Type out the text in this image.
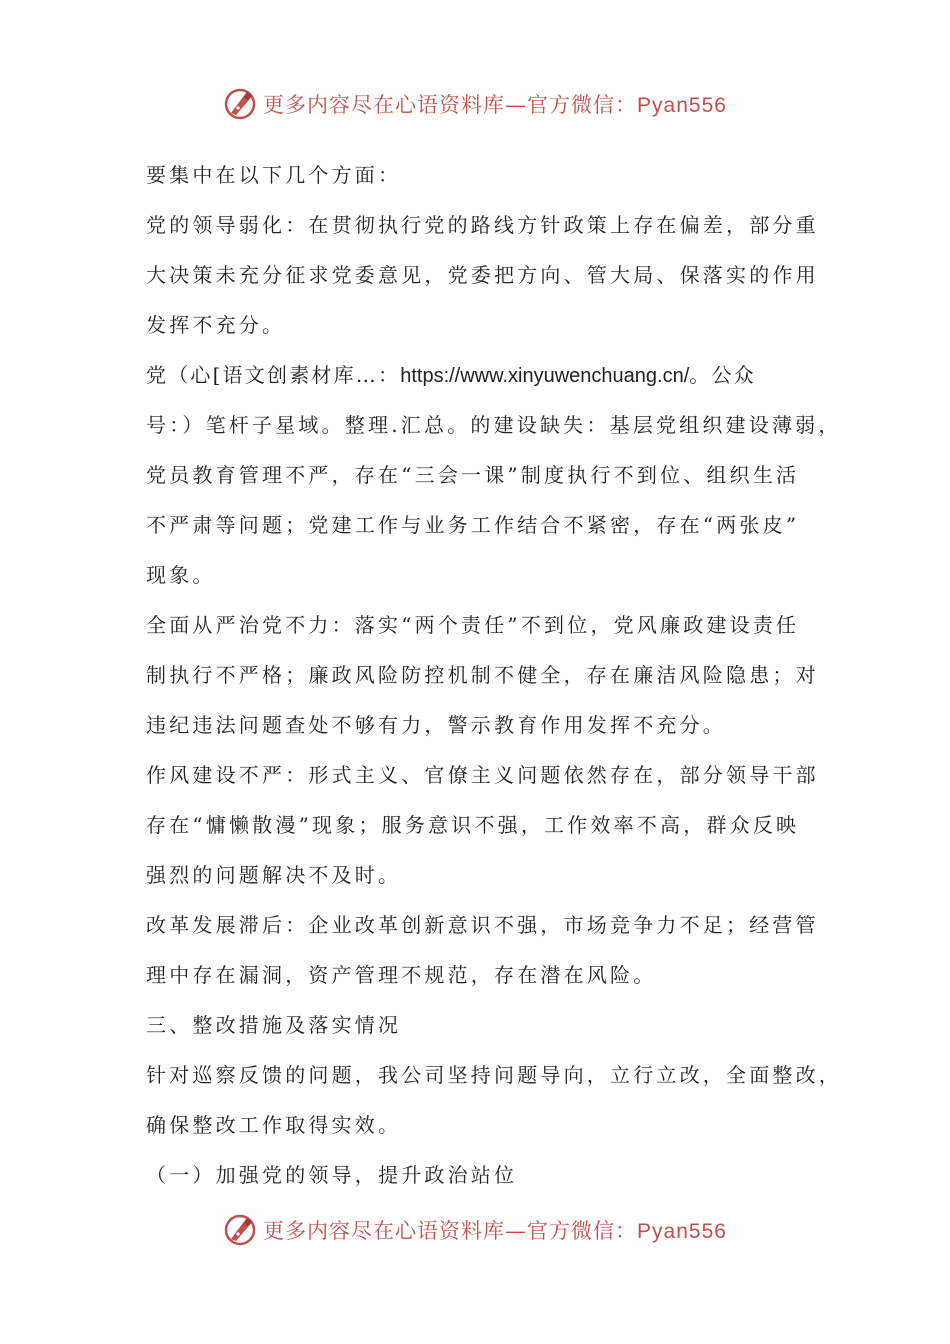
更多内容尽在心语资料库—官方微信：Pyan556
要集中在以下几个方面：
党的领导弱化：在贯彻执行党的路线方针政策上存在偏差，部分重
大决策未充分征求党委意见，党委把方向、管大局、保落实的作用
发挥不充分。
党（心[语文创素材库…：https://www.xinyuwenchuang.cn/。公众
号：）笔杆子星域。整理.汇总。的建设缺失：基层党组织建设薄弱，
党员教育管理不严，存在“三会一课”制度执行不到位、组织生活
不严肃等问题；党建工作与业务工作结合不紧密，存在“两张皮”
现象。
全面从严治党不力：落实“两个责任”不到位，党风廉政建设责任
制执行不严格；廉政风险防控机制不健全，存在廉洁风险隐患；对
违纪违法问题查处不够有力，警示教育作用发挥不充分。
作风建设不严：形式主义、官僚主义问题依然存在，部分领导干部
存在“慵懒散漫”现象；服务意识不强，工作效率不高，群众反映
强烈的问题解决不及时。
改革发展滞后：企业改革创新意识不强，市场竞争力不足；经营管
理中存在漏洞，资产管理不规范，存在潜在风险。
三、整改措施及落实情况
针对巡察反馈的问题，我公司坚持问题导向，立行立改，全面整改，
确保整改工作取得实效。
（一）加强党的领导，提升政治站位
更多内容尽在心语资料库—官方微信：Pyan556
